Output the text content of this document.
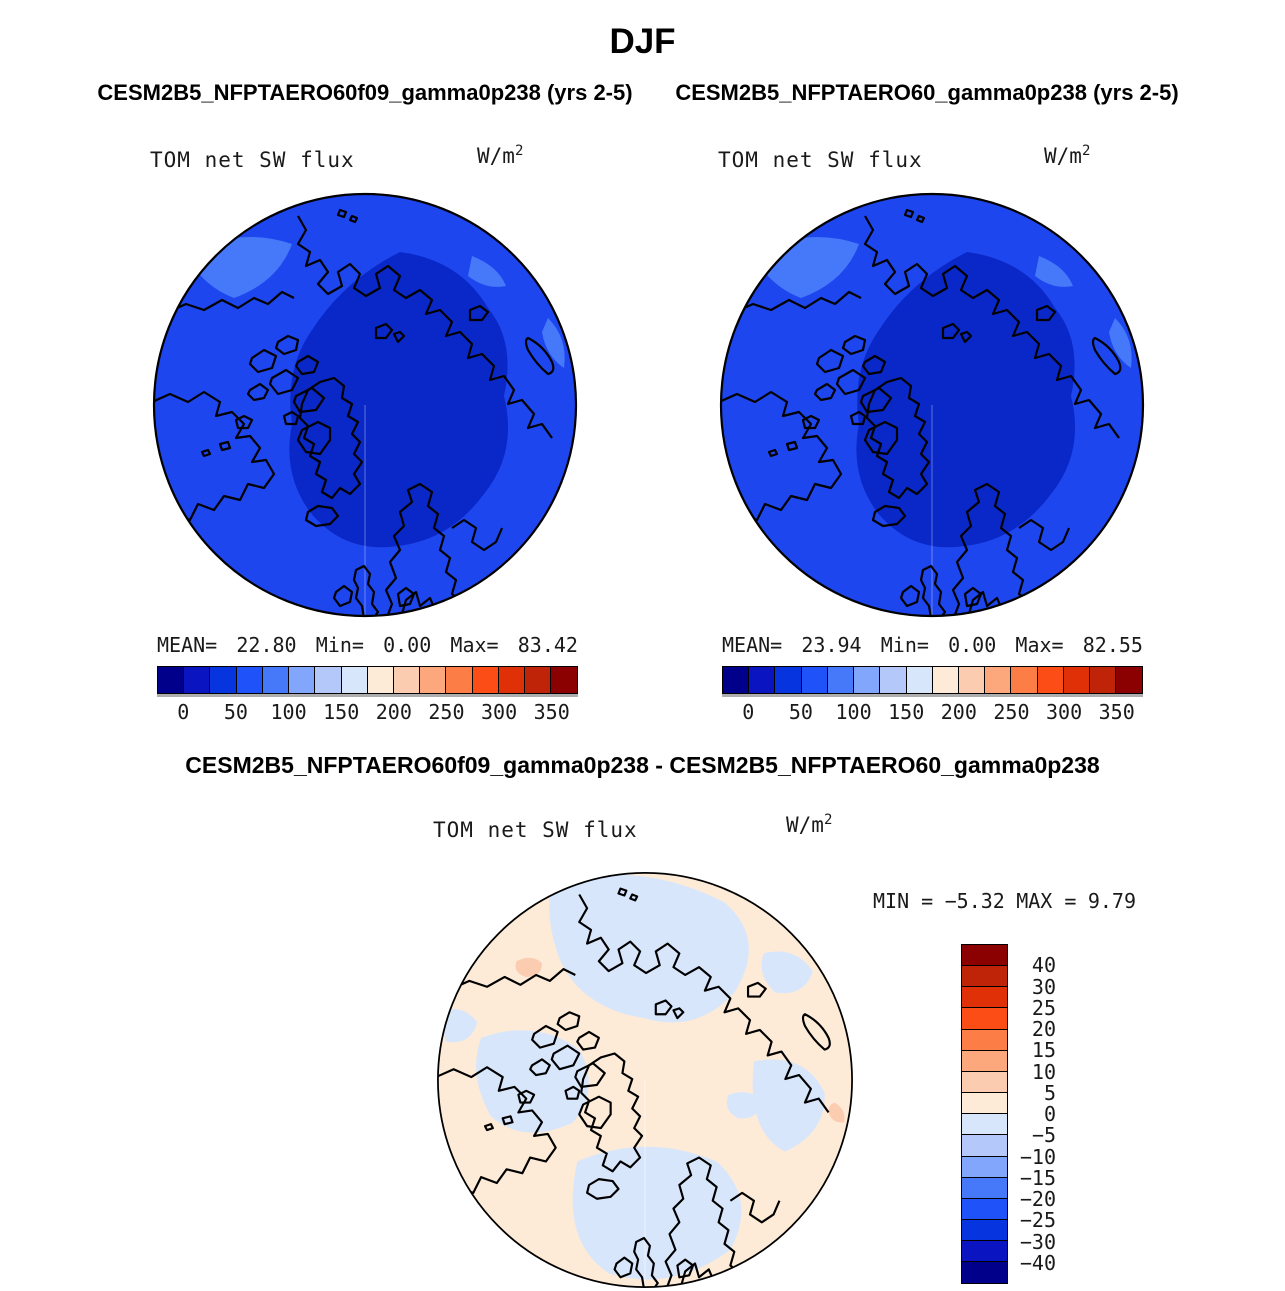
DJF
CESM2B5_NFPTAERO60f09_gamma0p238 (yrs 2-5)	CESM2B5_NFPTAERO60_gamma0p238 (yrs 2-5)
TOM net SW flux	$W/m^2$	TOM net SW flux	$W/m^2$
MEAN= 22.80 Min= 0.00 Max= 83.42
0 50 100 150 200 250 300 350
MEAN= 23.94 Min= 0.00 Max= 82.55
0 50 100 150 200 250 300 350
CESM2B5_NFPTAERO60f09_gamma0p238 - CESM2B5_NFPTAERO60_gamma0p238
TOM net SW flux	$W/m^2$
MIN = −5.32 MAX = 9.79
40
30
25
20
15
10
5
0
−5
−10
−15
−20
−25
−30
−40
